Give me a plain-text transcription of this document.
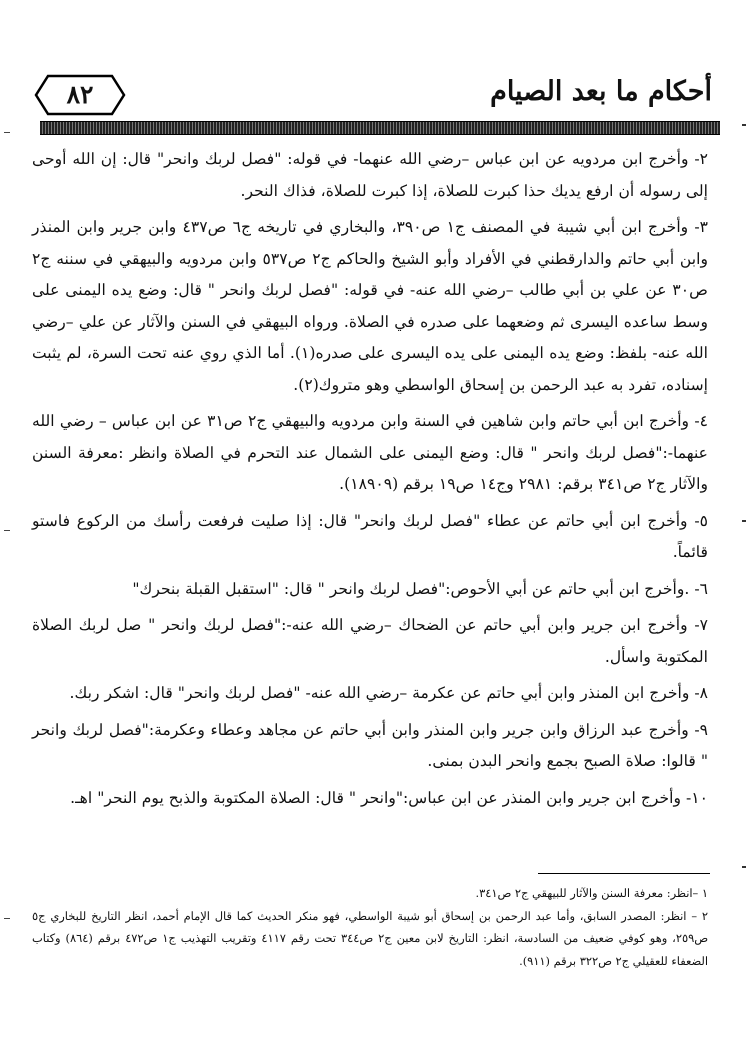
٨٢	أحكام ما بعد الصيام

٢- وأخرج ابن مردويه عن ابن عباس –رضي الله عنهما- في قوله: "فصل لربك وانحر" قال: إن الله أوحى إلى رسوله أن ارفع يديك حذا كبرت للصلاة، إذا كبرت للصلاة، فذاك النحر.

٣- وأخرج ابن أبي شيبة في المصنف ج١ ص٣٩٠، والبخاري في تاريخه ج٦ ص٤٣٧ وابن جرير وابن المنذر وابن أبي حاتم والدارقطني في الأفراد وأبو الشيخ والحاكم ج٢ ص٥٣٧ وابن مردويه والبيهقي في سننه ج٢ ص٣٠ عن علي بن أبي طالب –رضي الله عنه- في قوله: "فصل لربك وانحر " قال: وضع يده اليمنى على وسط ساعده اليسرى ثم وضعهما على صدره في الصلاة. ورواه البيهقي في السنن والآثار عن علي –رضي الله عنه- بلفظ: وضع يده اليمنى على يده اليسرى على صدره(١). أما الذي روي عنه تحت السرة، لم يثبت إسناده، تفرد به عبد الرحمن بن إسحاق الواسطي وهو متروك(٢).

٤- وأخرج ابن أبي حاتم وابن شاهين في السنة وابن مردويه والبيهقي ج٢ ص٣١ عن ابن عباس – رضي الله عنهما-:"فصل لربك وانحر " قال: وضع اليمنى على الشمال عند التحرم في الصلاة وانظر :معرفة السنن والآثار ج٢ ص٣٤١ برقم: ٢٩٨١ وج١٤ ص١٩ برقم (١٨٩٠٩).

٥- وأخرج ابن أبي حاتم عن عطاء "فصل لربك وانحر" قال: إذا صليت فرفعت رأسك من الركوع فاستو قائماً.

٦- .وأخرج ابن أبي حاتم عن أبي الأحوص:"فصل لربك وانحر " قال: "استقبل القبلة بنحرك"

٧- وأخرج ابن جرير وابن أبي حاتم عن الضحاك –رضي الله عنه-:"فصل لربك وانحر " صل لربك الصلاة المكتوبة واسأل.

٨- وأخرج ابن المنذر وابن أبي حاتم عن عكرمة –رضي الله عنه- "فصل لربك وانحر" قال: اشكر ربك.

٩- وأخرج عبد الرزاق وابن جرير وابن المنذر وابن أبي حاتم عن مجاهد وعطاء وعكرمة:"فصل لربك وانحر " قالوا: صلاة الصبح بجمع وانحر البدن بمنى.

١٠- وأخرج ابن جرير وابن المنذر عن ابن عباس:"وانحر " قال: الصلاة المكتوبة والذبح يوم النحر" اهـ.

١ –انظر: معرفة السنن والآثار للبيهقي ج٢ ص٣٤١.

٢ – انظر: المصدر السابق، وأما عبد الرحمن بن إسحاق أبو شيبة الواسطي، فهو منكر الحديث كما قال الإمام أحمد، انظر التاريخ للبخاري ج٥ ص٢٥٩، وهو كوفي ضعيف من السادسة، انظر: التاريخ لابن معين ج٢ ص٣٤٤ تحت رقم ٤١١٧ وتقريب التهذيب ج١ ص٤٧٢ برقم (٨٦٤) وكتاب الضعفاء للعقيلي ج٢ ص٣٢٢ برقم (٩١١).
